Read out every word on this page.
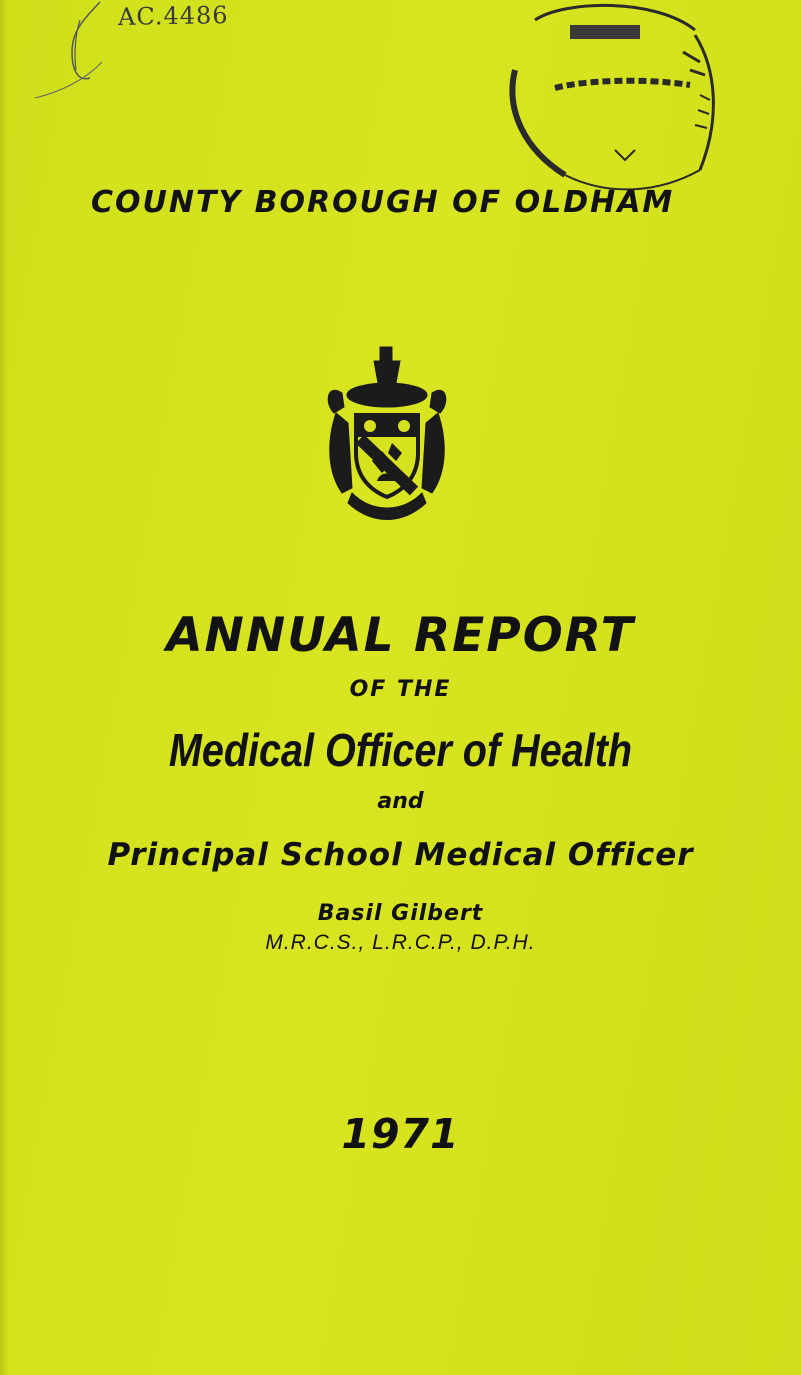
AC.4486
COUNTY BOROUGH OF OLDHAM
ANNUAL REPORT
OF THE
Medical Officer of Health
and
Principal School Medical Officer
Basil Gilbert
M.R.C.S., L.R.C.P., D.P.H.
1971
